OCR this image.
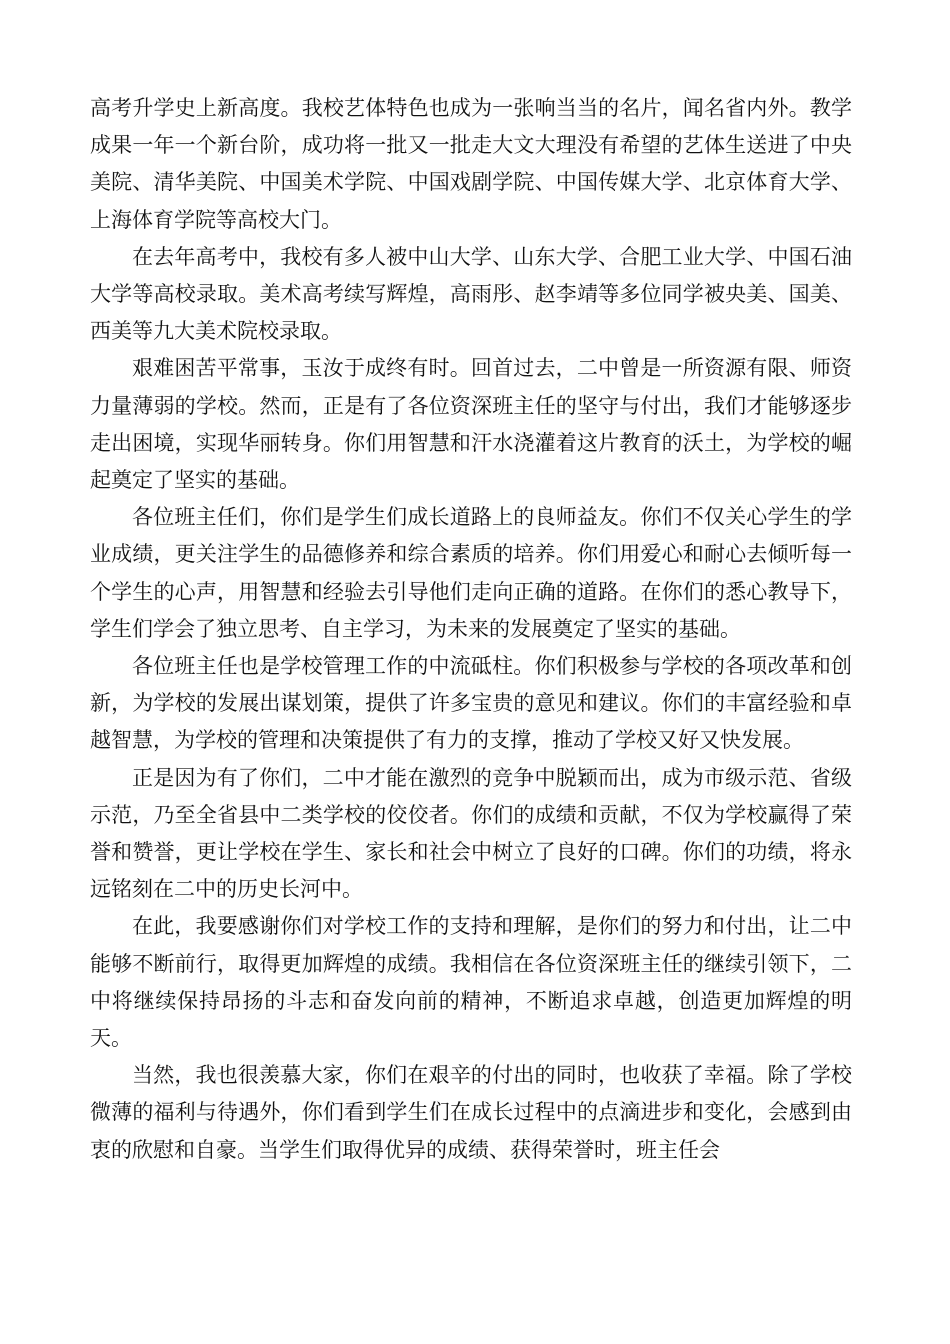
高考升学史上新高度。我校艺体特色也成为一张响当当的名片，闻名省内外。教学成果一年一个新台阶，成功将一批又一批走大文大理没有希望的艺体生送进了中央美院、清华美院、中国美术学院、中国戏剧学院、中国传媒大学、北京体育大学、上海体育学院等高校大门。

在去年高考中，我校有多人被中山大学、山东大学、合肥工业大学、中国石油大学等高校录取。美术高考续写辉煌，高雨彤、赵李靖等多位同学被央美、国美、西美等九大美术院校录取。

艰难困苦平常事，玉汝于成终有时。回首过去，二中曾是一所资源有限、师资力量薄弱的学校。然而，正是有了各位资深班主任的坚守与付出，我们才能够逐步走出困境，实现华丽转身。你们用智慧和汗水浇灌着这片教育的沃土，为学校的崛起奠定了坚实的基础。

各位班主任们，你们是学生们成长道路上的良师益友。你们不仅关心学生的学业成绩，更关注学生的品德修养和综合素质的培养。你们用爱心和耐心去倾听每一个学生的心声，用智慧和经验去引导他们走向正确的道路。在你们的悉心教导下，学生们学会了独立思考、自主学习，为未来的发展奠定了坚实的基础。

各位班主任也是学校管理工作的中流砥柱。你们积极参与学校的各项改革和创新，为学校的发展出谋划策，提供了许多宝贵的意见和建议。你们的丰富经验和卓越智慧，为学校的管理和决策提供了有力的支撑，推动了学校又好又快发展。

正是因为有了你们，二中才能在激烈的竞争中脱颖而出，成为市级示范、省级示范，乃至全省县中二类学校的佼佼者。你们的成绩和贡献，不仅为学校赢得了荣誉和赞誉，更让学校在学生、家长和社会中树立了良好的口碑。你们的功绩，将永远铭刻在二中的历史长河中。

在此，我要感谢你们对学校工作的支持和理解，是你们的努力和付出，让二中能够不断前行，取得更加辉煌的成绩。我相信在各位资深班主任的继续引领下，二中将继续保持昂扬的斗志和奋发向前的精神，不断追求卓越，创造更加辉煌的明天。

当然，我也很羡慕大家，你们在艰辛的付出的同时，也收获了幸福。除了学校微薄的福利与待遇外，你们看到学生们在成长过程中的点滴进步和变化，会感到由衷的欣慰和自豪。当学生们取得优异的成绩、获得荣誉时，班主任会
